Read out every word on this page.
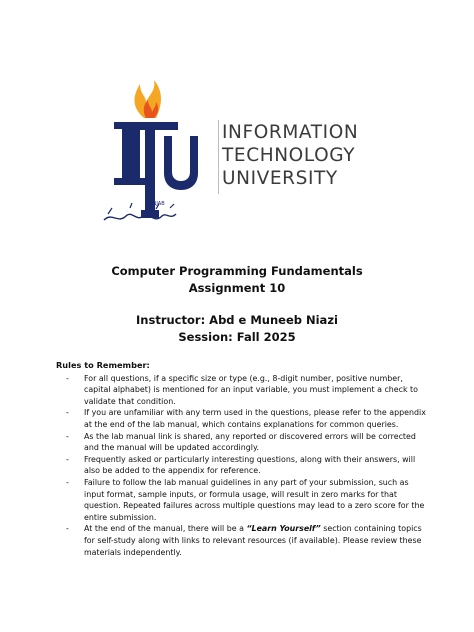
PUNJAB
INFORMATION
TECHNOLOGY
UNIVERSITY
Computer Programming Fundamentals
Assignment 10
Instructor: Abd e Muneeb Niazi
Session: Fall 2025
Rules to Remember:
- For all questions, if a specific size or type (e.g., 8-digit number, positive number, capital alphabet) is mentioned for an input variable, you must implement a check to validate that condition.
- If you are unfamiliar with any term used in the questions, please refer to the appendix at the end of the lab manual, which contains explanations for common queries.
- As the lab manual link is shared, any reported or discovered errors will be corrected and the manual will be updated accordingly.
- Frequently asked or particularly interesting questions, along with their answers, will also be added to the appendix for reference.
- Failure to follow the lab manual guidelines in any part of your submission, such as input format, sample inputs, or formula usage, will result in zero marks for that question. Repeated failures across multiple questions may lead to a zero score for the entire submission.
- At the end of the manual, there will be a “Learn Yourself” section containing topics for self-study along with links to relevant resources (if available). Please review these materials independently.
